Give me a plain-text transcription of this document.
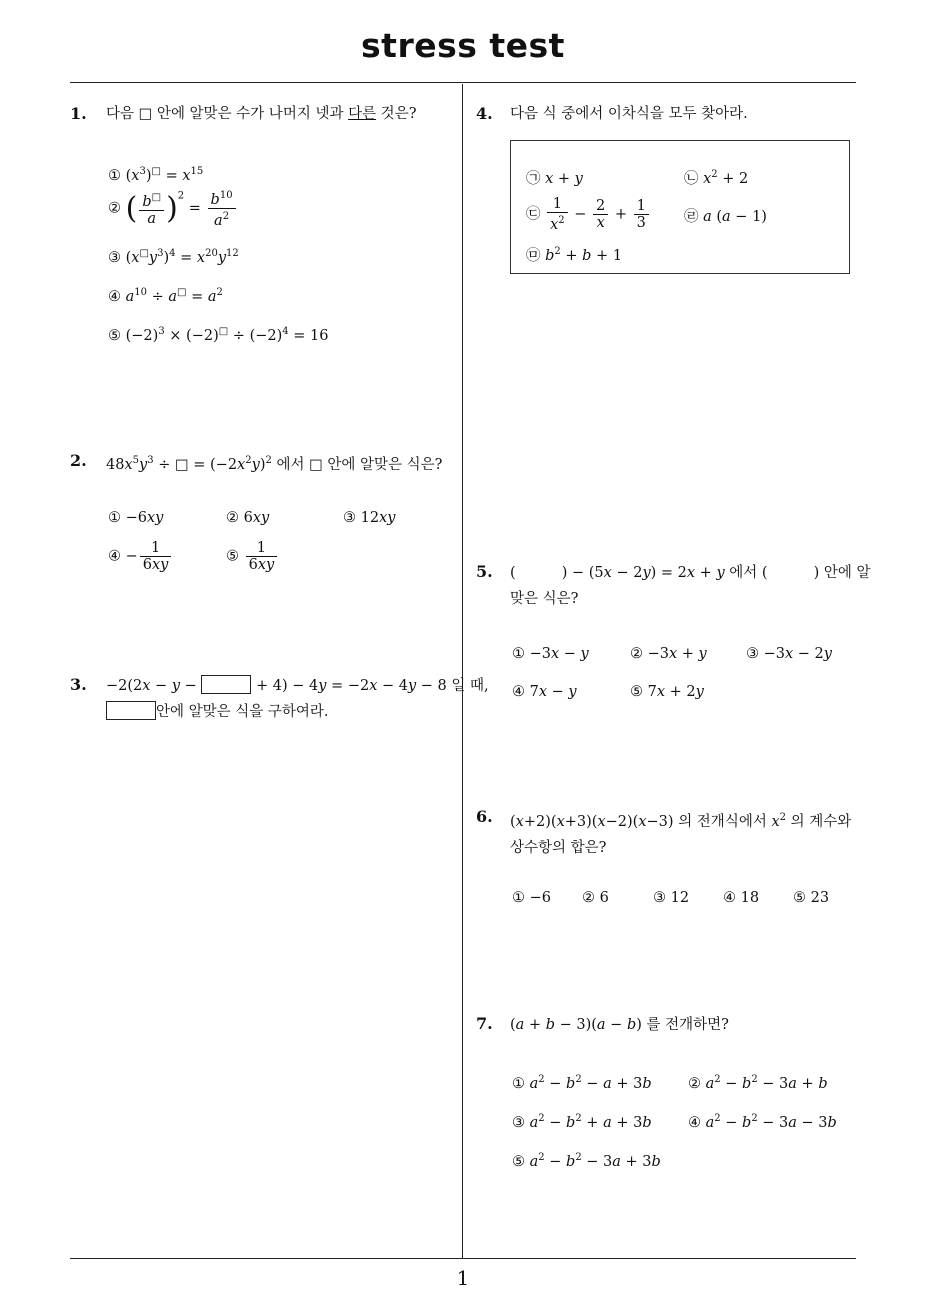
stress test
1
1. 다음 □ 안에 알맞은 수가 나머지 넷과 다른 것은?
① $(x^3)^□ = x^{15}$
② ( $\frac{b^□}{a} )^2 = \frac{b^{10}}{a^2}$
③ $(x^□y^3)^4 = x^{20}y^{12}$
④ $a^{10} \div a^□ = a^2$
⑤ $(-2)^3 \times (-2)^□ \div (-2)^4 = 16$
2. $48x^5y^3$ ÷ □ = $(-2x^2y)^2$ 에서 □ 안에 알맞은 식은?
① −6xy	② 6xy	③ 12xy
④ − $\frac{1}{6xy}$	⑤ $\frac{1}{6xy}$
3. −2(2x − y −	+ 4) − 4y = −2x − 4y − 8 일 때,
안에 알맞은 식을 구하여라.
4. 다음 식 중에서 이차식을 모두 찾아라.
㉠ x + y	㉡ $x^2 + 2$
㉢ $\frac{1}{x^2} - \frac{2}{x} + \frac{1}{3}$ ㉣ a (a − 1)
㉤ $b^2 + b + 1$
5. (          ) − (5x − 2y) = 2x + y 에서 (	) 안에 알
맞은 식은?
① −3x − y	② −3x + y	③ −3x − 2y
④ 7x − y	⑤ 7x + 2y
6. (x+2)(x+3)(x−2)(x−3) 의 전개식에서 $x^2$ 의 계수와
상수항의 합은?
① −6 ② 6	③ 12 ④ 18 ⑤ 23
7. (a + b − 3)(a − b) 를 전개하면?
① $a^2 - b^2 - a + 3b$	② $a^2 - b^2 - 3a + b$
③ $a^2 - b^2 + a + 3b$	④ $a^2 - b^2 - 3a - 3b$
⑤ $a^2 - b^2 - 3a + 3b$
